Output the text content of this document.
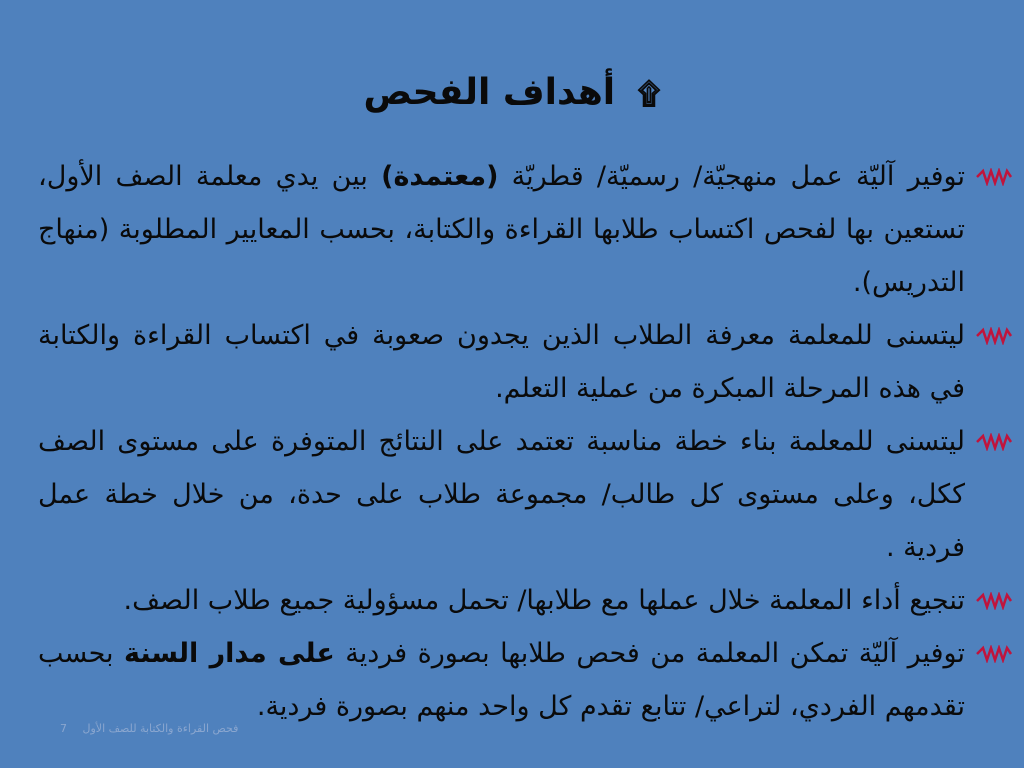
۩ أهداف الفحص
توفير آليّة عمل منهجيّة/ رسميّة/ قطريّة (معتمدة) بين يدي معلمة الصف الأول، تستعين بها لفحص اكتساب طلابها القراءة والكتابة، بحسب المعايير المطلوبة (منهاج التدريس).
ليتسنى للمعلمة معرفة الطلاب الذين يجدون صعوبة في اكتساب القراءة والكتابة في هذه المرحلة المبكرة من عملية التعلم.
ليتسنى للمعلمة بناء خطة مناسبة تعتمد على النتائج المتوفرة على مستوى الصف ككل، وعلى مستوى كل طالب/ مجموعة طلاب على حدة، من خلال خطة عمل فردية .
تنجيع أداء المعلمة خلال عملها مع طلابها/ تحمل مسؤولية جميع طلاب الصف.
توفير آليّة تمكن المعلمة من فحص طلابها بصورة فردية على مدار السنة بحسب تقدمهم الفردي، لتراعي/ تتابع تقدم كل واحد منهم بصورة فردية.
7 فحص القراءة والكتابة للصف الأول
